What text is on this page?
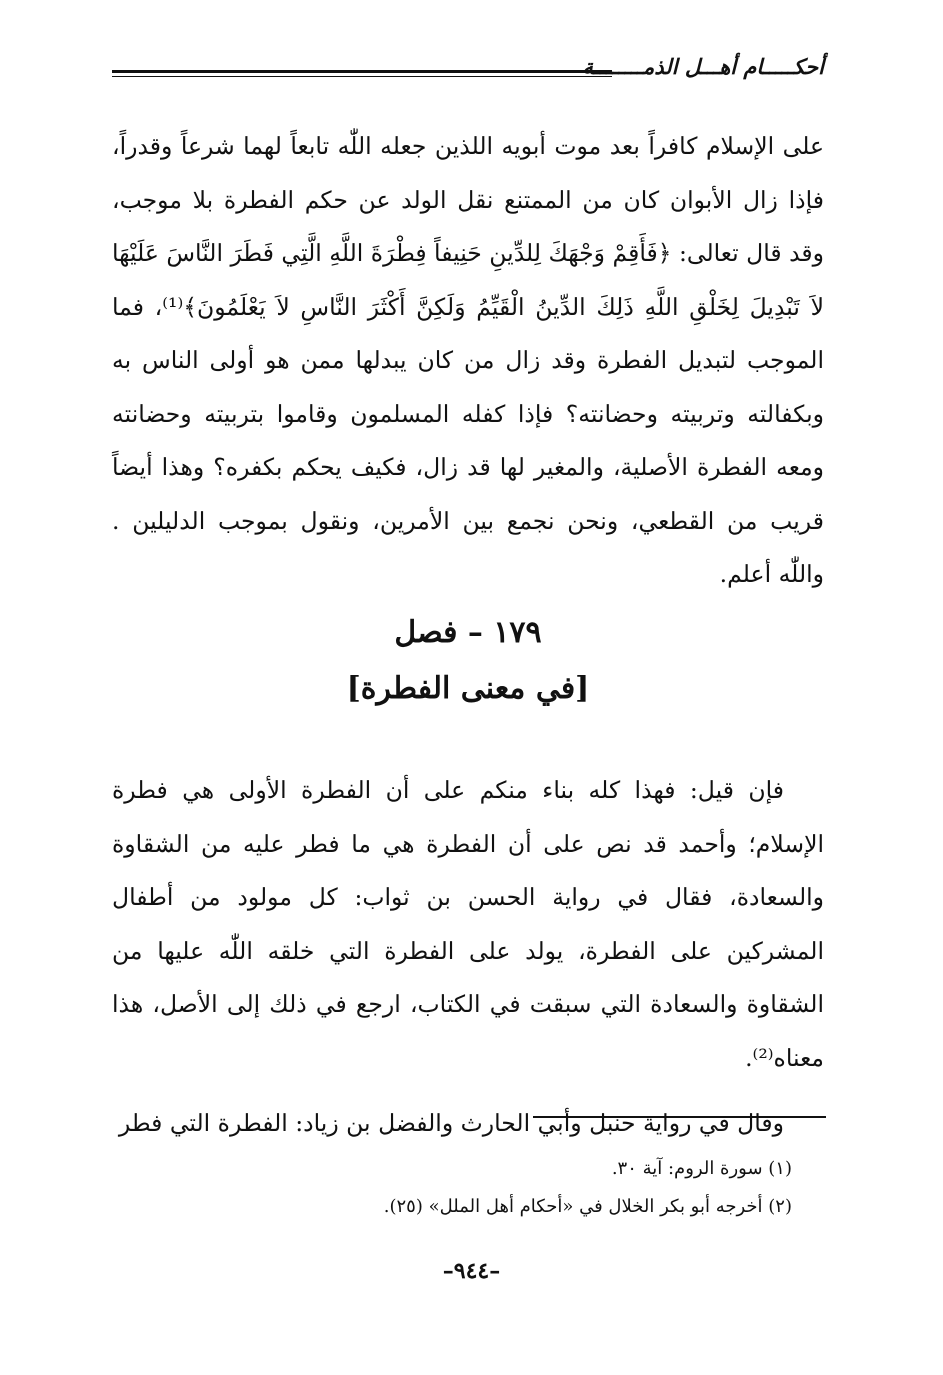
أحكـــــام أهـــل الذمــــــــة

على الإسلام كافراً بعد موت أبويه اللذين جعله اللّٰه تابعاً لهما شرعاً وقدراً، فإذا زال الأبوان كان من الممتنع نقل الولد عن حكم الفطرة بلا موجب، وقد قال تعالى: ﴿فَأَقِمْ وَجْهَكَ لِلدِّينِ حَنِيفاً فِطْرَةَ اللَّهِ الَّتِي فَطَرَ النَّاسَ عَلَيْهَا لاَ تَبْدِيلَ لِخَلْقِ اللَّهِ ذَلِكَ الدِّينُ الْقَيِّمُ وَلَكِنَّ أَكْثَرَ النَّاسِ لاَ يَعْلَمُونَ﴾⁽¹⁾، فما الموجب لتبديل الفطرة وقد زال من كان يبدلها ممن هو أولى الناس به وبكفالته وتربيته وحضانته؟ فإذا كفله المسلمون وقاموا بتربيته وحضانته ومعه الفطرة الأصلية، والمغير لها قد زال، فكيف يحكم بكفره؟ وهذا أيضاً قريب من القطعي، ونحن نجمع بين الأمرين، ونقول بموجب الدليلين . واللّٰه أعلم.

١٧٩ – فصل
[في معنى الفطرة]

فإن قيل: فهذا كله بناء منكم على أن الفطرة الأولى هي فطرة الإسلام؛ وأحمد قد نص على أن الفطرة هي ما فطر عليه من الشقاوة والسعادة، فقال في رواية الحسن بن ثواب: كل مولود من أطفال المشركين على الفطرة، يولد على الفطرة التي خلقه اللّٰه عليها من الشقاوة والسعادة التي سبقت في الكتاب، ارجع في ذلك إلى الأصل، هذا معناه⁽²⁾.

وقال في رواية حنبل وأبي الحارث والفضل بن زياد: الفطرة التي فطر

(١) سورة الروم: آية ٣٠.
(٢) أخرجه أبو بكر الخلال في «أحكام أهل الملل» (٢٥).
–٩٤٤–
